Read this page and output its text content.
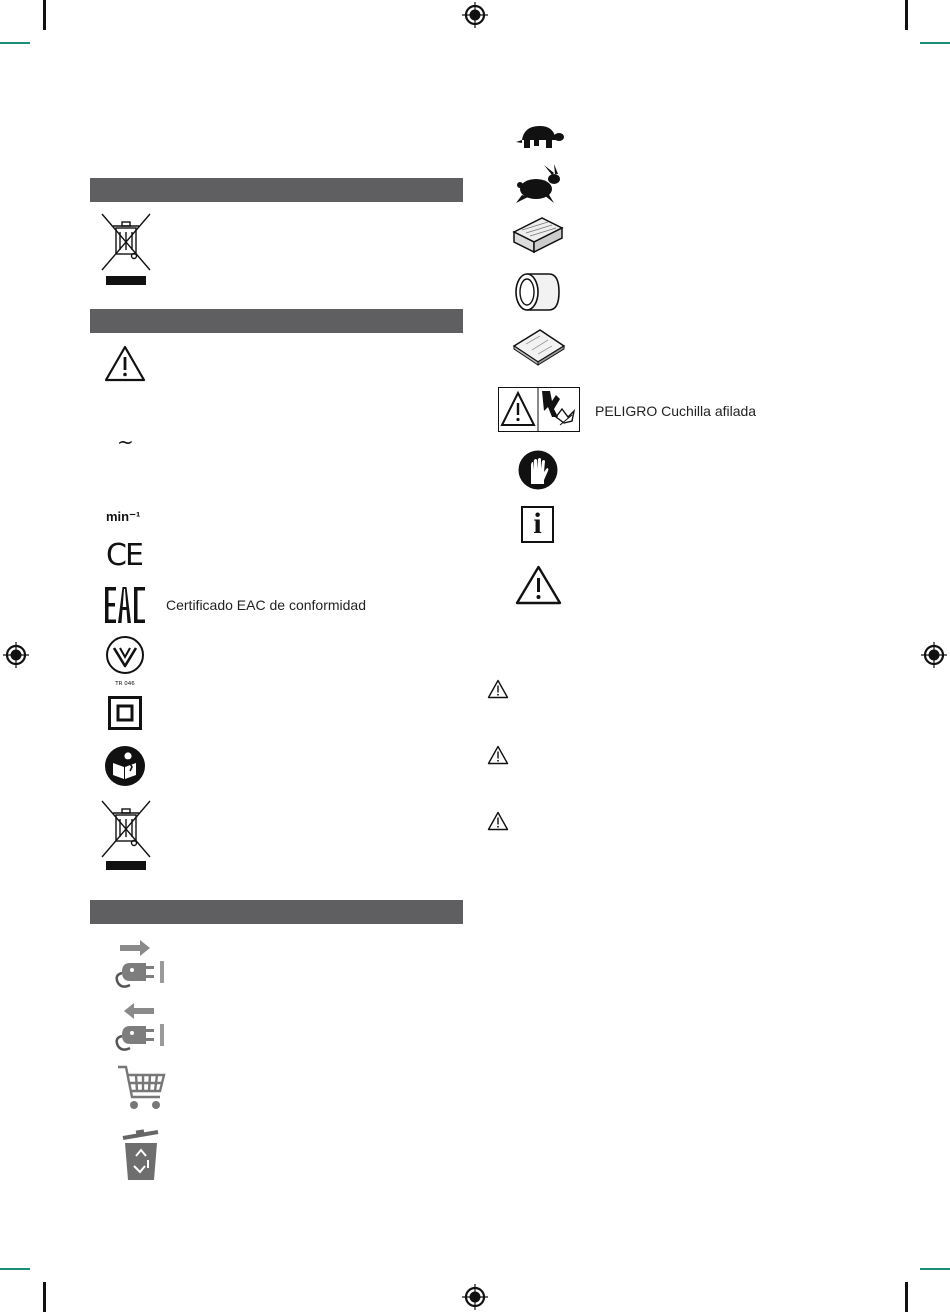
~
min⁻¹
CE
Certificado EAC de conformidad
TR 046
PELIGRO Cuchilla afilada
i
